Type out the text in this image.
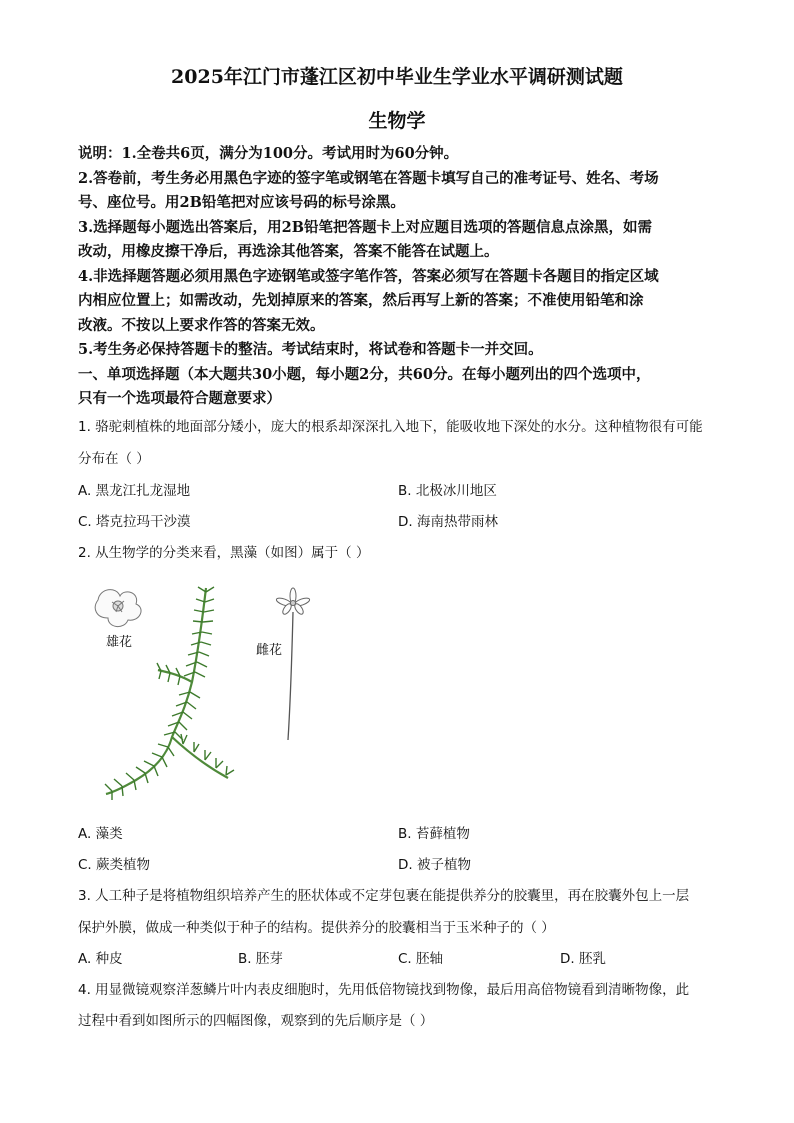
2025年江门市蓬江区初中毕业生学业水平调研测试题
生物学
说明：1.全卷共6页，满分为100分。考试用时为60分钟。
2.答卷前，考生务必用黑色字迹的签字笔或钢笔在答题卡填写自己的准考证号、姓名、考场
号、座位号。用2B铅笔把对应该号码的标号涂黑。
3.选择题每小题选出答案后，用2B铅笔把答题卡上对应题目选项的答题信息点涂黑，如需
改动，用橡皮擦干净后，再选涂其他答案，答案不能答在试题上。
4.非选择题答题必须用黑色字迹钢笔或签字笔作答，答案必须写在答题卡各题目的指定区域
内相应位置上；如需改动，先划掉原来的答案，然后再写上新的答案；不准使用铅笔和涂
改液。不按以上要求作答的答案无效。
5.考生务必保持答题卡的整洁。考试结束时，将试卷和答题卡一并交回。
一、单项选择题（本大题共30小题，每小题2分，共60分。在每小题列出的四个选项中，
只有一个选项最符合题意要求）
1. 骆驼刺植株的地面部分矮小，庞大的根系却深深扎入地下，能吸收地下深处的水分。这种植物很有可能
分布在（ ）
A. 黑龙江扎龙湿地	B. 北极冰川地区
C. 塔克拉玛干沙漠	D. 海南热带雨林
2. 从生物学的分类来看，黑藻（如图）属于（ ）
雄花
雌花
A. 藻类	B. 苔藓植物
C. 蕨类植物	D. 被子植物
3. 人工种子是将植物组织培养产生的胚状体或不定芽包裹在能提供养分的胶囊里，再在胶囊外包上一层
保护外膜，做成一种类似于种子的结构。提供养分的胶囊相当于玉米种子的（ ）
A. 种皮	B. 胚芽	C. 胚轴	D. 胚乳
4. 用显微镜观察洋葱鳞片叶内表皮细胞时，先用低倍物镜找到物像，最后用高倍物镜看到清晰物像，此
过程中看到如图所示的四幅图像，观察到的先后顺序是（ ）
